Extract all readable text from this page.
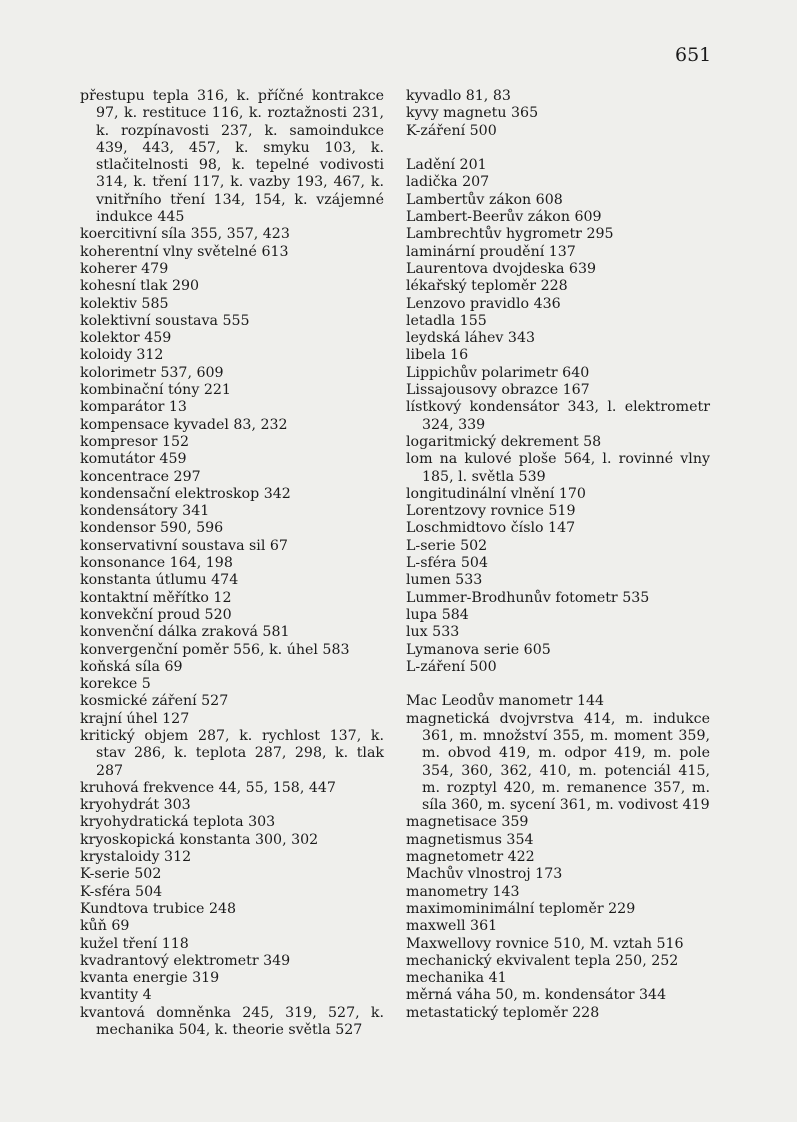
651
přestupu tepla 316, k. příčné kontrakce 97, k. restituce 116, k. roztažnosti 231, k. rozpínavosti 237, k. samoindukce 439, 443, 457, k. smyku 103, k. stlačitelnosti 98, k. tepelné vodivosti 314, k. tření 117, k. vazby 193, 467, k. vnitřního tření 134, 154, k. vzájemné indukce 445
koercitivní síla 355, 357, 423
koherentní vlny světelné 613
koherer 479
kohesní tlak 290
kolektiv 585
kolektivní soustava 555
kolektor 459
koloidy 312
kolorimetr 537, 609
kombinační tóny 221
komparátor 13
kompensace kyvadel 83, 232
kompresor 152
komutátor 459
koncentrace 297
kondensační elektroskop 342
kondensátory 341
kondensor 590, 596
konservativní soustava sil 67
konsonance 164, 198
konstanta útlumu 474
kontaktní měřítko 12
konvekční proud 520
konvenční dálka zraková 581
konvergenční poměr 556, k. úhel 583
koňská síla 69
korekce 5
kosmické záření 527
krajní úhel 127
kritický objem 287, k. rychlost 137, k. stav 286, k. teplota 287, 298, k. tlak 287
kruhová frekvence 44, 55, 158, 447
kryohydrát 303
kryohydratická teplota 303
kryoskopická konstanta 300, 302
krystaloidy 312
K-serie 502
K-sféra 504
Kundtova trubice 248
kůň 69
kužel tření 118
kvadrantový elektrometr 349
kvanta energie 319
kvantity 4
kvantová domněnka 245, 319, 527, k. mechanika 504, k. theorie světla 527
kyvadlo 81, 83
kyvy magnetu 365
K-záření 500
Ladění 201
ladička 207
Lambertův zákon 608
Lambert-Beerův zákon 609
Lambrechtův hygrometr 295
laminární proudění 137
Laurentova dvojdeska 639
lékařský teploměr 228
Lenzovo pravidlo 436
letadla 155
leydská láhev 343
libela 16
Lippichův polarimetr 640
Lissajousovy obrazce 167
lístkový kondensátor 343, l. elektrometr 324, 339
logaritmický dekrement 58
lom na kulové ploše 564, l. rovinné vlny 185, l. světla 539
longitudinální vlnění 170
Lorentzovy rovnice 519
Loschmidtovo číslo 147
L-serie 502
L-sféra 504
lumen 533
Lummer-Brodhunův fotometr 535
lupa 584
lux 533
Lymanova serie 605
L-záření 500
Mac Leodův manometr 144
magnetická dvojvrstva 414, m. indukce 361, m. množství 355, m. moment 359, m. obvod 419, m. odpor 419, m. pole 354, 360, 362, 410, m. potenciál 415, m. rozptyl 420, m. remanence 357, m. síla 360, m. sycení 361, m. vodivost 419
magnetisace 359
magnetismus 354
magnetometr 422
Machův vlnostroj 173
manometry 143
maximominimální teploměr 229
maxwell 361
Maxwellovy rovnice 510, M. vztah 516
mechanický ekvivalent tepla 250, 252
mechanika 41
měrná váha 50, m. kondensátor 344
metastatický teploměr 228
